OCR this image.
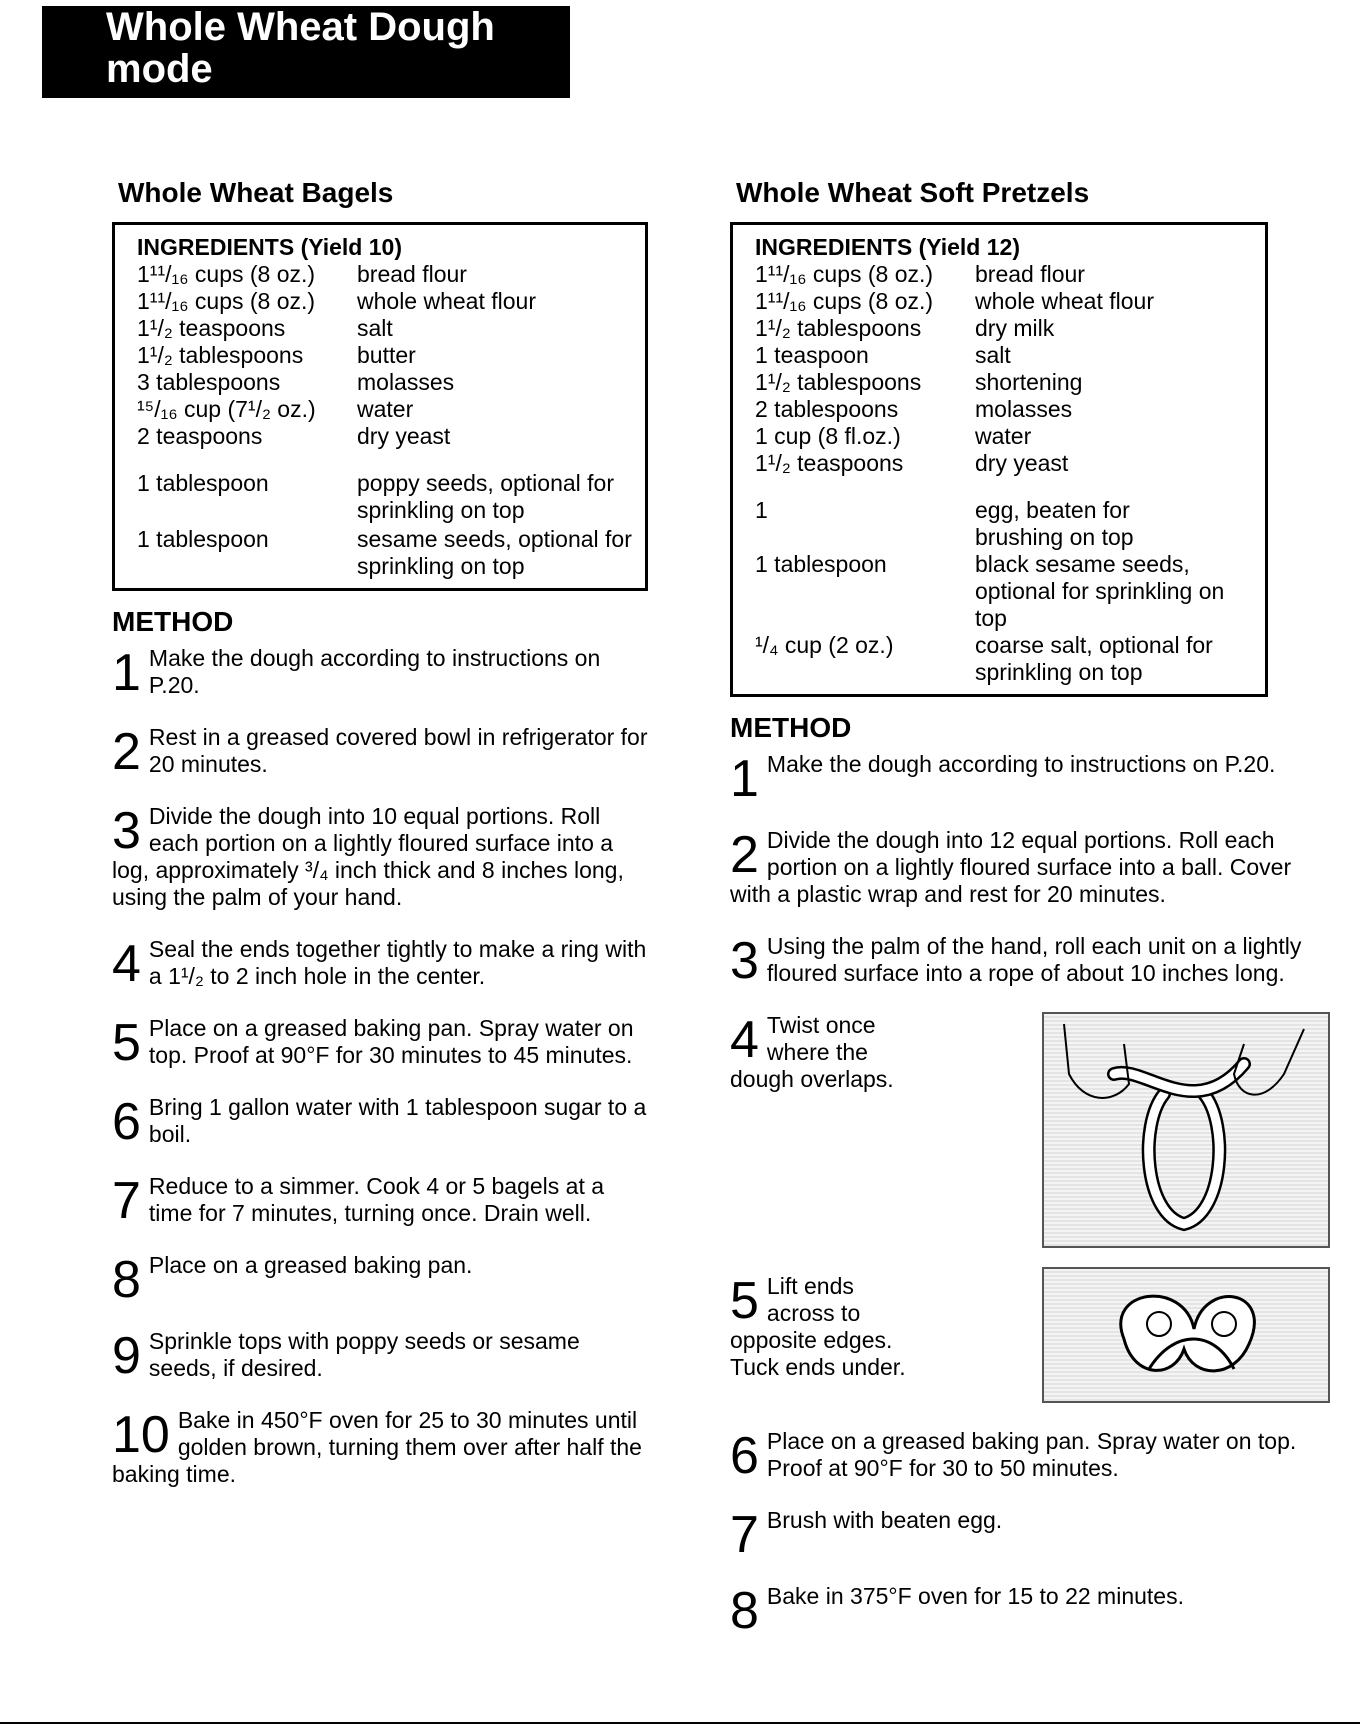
Whole Wheat Dough
mode
Whole Wheat Bagels
INGREDIENTS (Yield 10)
1¹¹/₁₆ cups (8 oz.)	bread flour
1¹¹/₁₆ cups (8 oz.)	whole wheat flour
1¹/₂ teaspoons	salt
1¹/₂ tablespoons	butter
3 tablespoons	molasses
¹⁵/₁₆ cup (7¹/₂ oz.)	water
2 teaspoons	dry yeast
1 tablespoon	poppy seeds, optional for sprinkling on top
1 tablespoon	sesame seeds, optional for sprinkling on top
METHOD
1 Make the dough according to instructions on P.20.
2 Rest in a greased covered bowl in refrigerator for 20 minutes.
3 Divide the dough into 10 equal portions. Roll each portion on a lightly floured surface into a log, approximately ³/₄ inch thick and 8 inches long, using the palm of your hand.
4 Seal the ends together tightly to make a ring with a 1¹/₂ to 2 inch hole in the center.
5 Place on a greased baking pan. Spray water on top. Proof at 90°F for 30 minutes to 45 minutes.
6 Bring 1 gallon water with 1 tablespoon sugar to a boil.
7 Reduce to a simmer. Cook 4 or 5 bagels at a time for 7 minutes, turning once. Drain well.
8 Place on a greased baking pan.
9 Sprinkle tops with poppy seeds or sesame seeds, if desired.
10 Bake in 450°F oven for 25 to 30 minutes until golden brown, turning them over after half the baking time.
Whole Wheat Soft Pretzels
INGREDIENTS (Yield 12)
1¹¹/₁₆ cups (8 oz.)	bread flour
1¹¹/₁₆ cups (8 oz.)	whole wheat flour
1¹/₂ tablespoons	dry milk
1 teaspoon	salt
1¹/₂ tablespoons	shortening
2 tablespoons	molasses
1 cup (8 fl.oz.)	water
1¹/₂ teaspoons	dry yeast
1	egg, beaten for brushing on top
1 tablespoon	black sesame seeds, optional for sprinkling on top
¹/₄ cup (2 oz.)	coarse salt, optional for sprinkling on top
METHOD
1 Make the dough according to instructions on P.20.
2 Divide the dough into 12 equal portions. Roll each portion on a lightly floured surface into a ball. Cover with a plastic wrap and rest for 20 minutes.
3 Using the palm of the hand, roll each unit on a lightly floured surface into a rope of about 10 inches long.
4 Twist once where the dough overlaps.
5 Lift ends across to opposite edges. Tuck ends under.
6 Place on a greased baking pan. Spray water on top. Proof at 90°F for 30 to 50 minutes.
7 Brush with beaten egg.
8 Bake in 375°F oven for 15 to 22 minutes.
